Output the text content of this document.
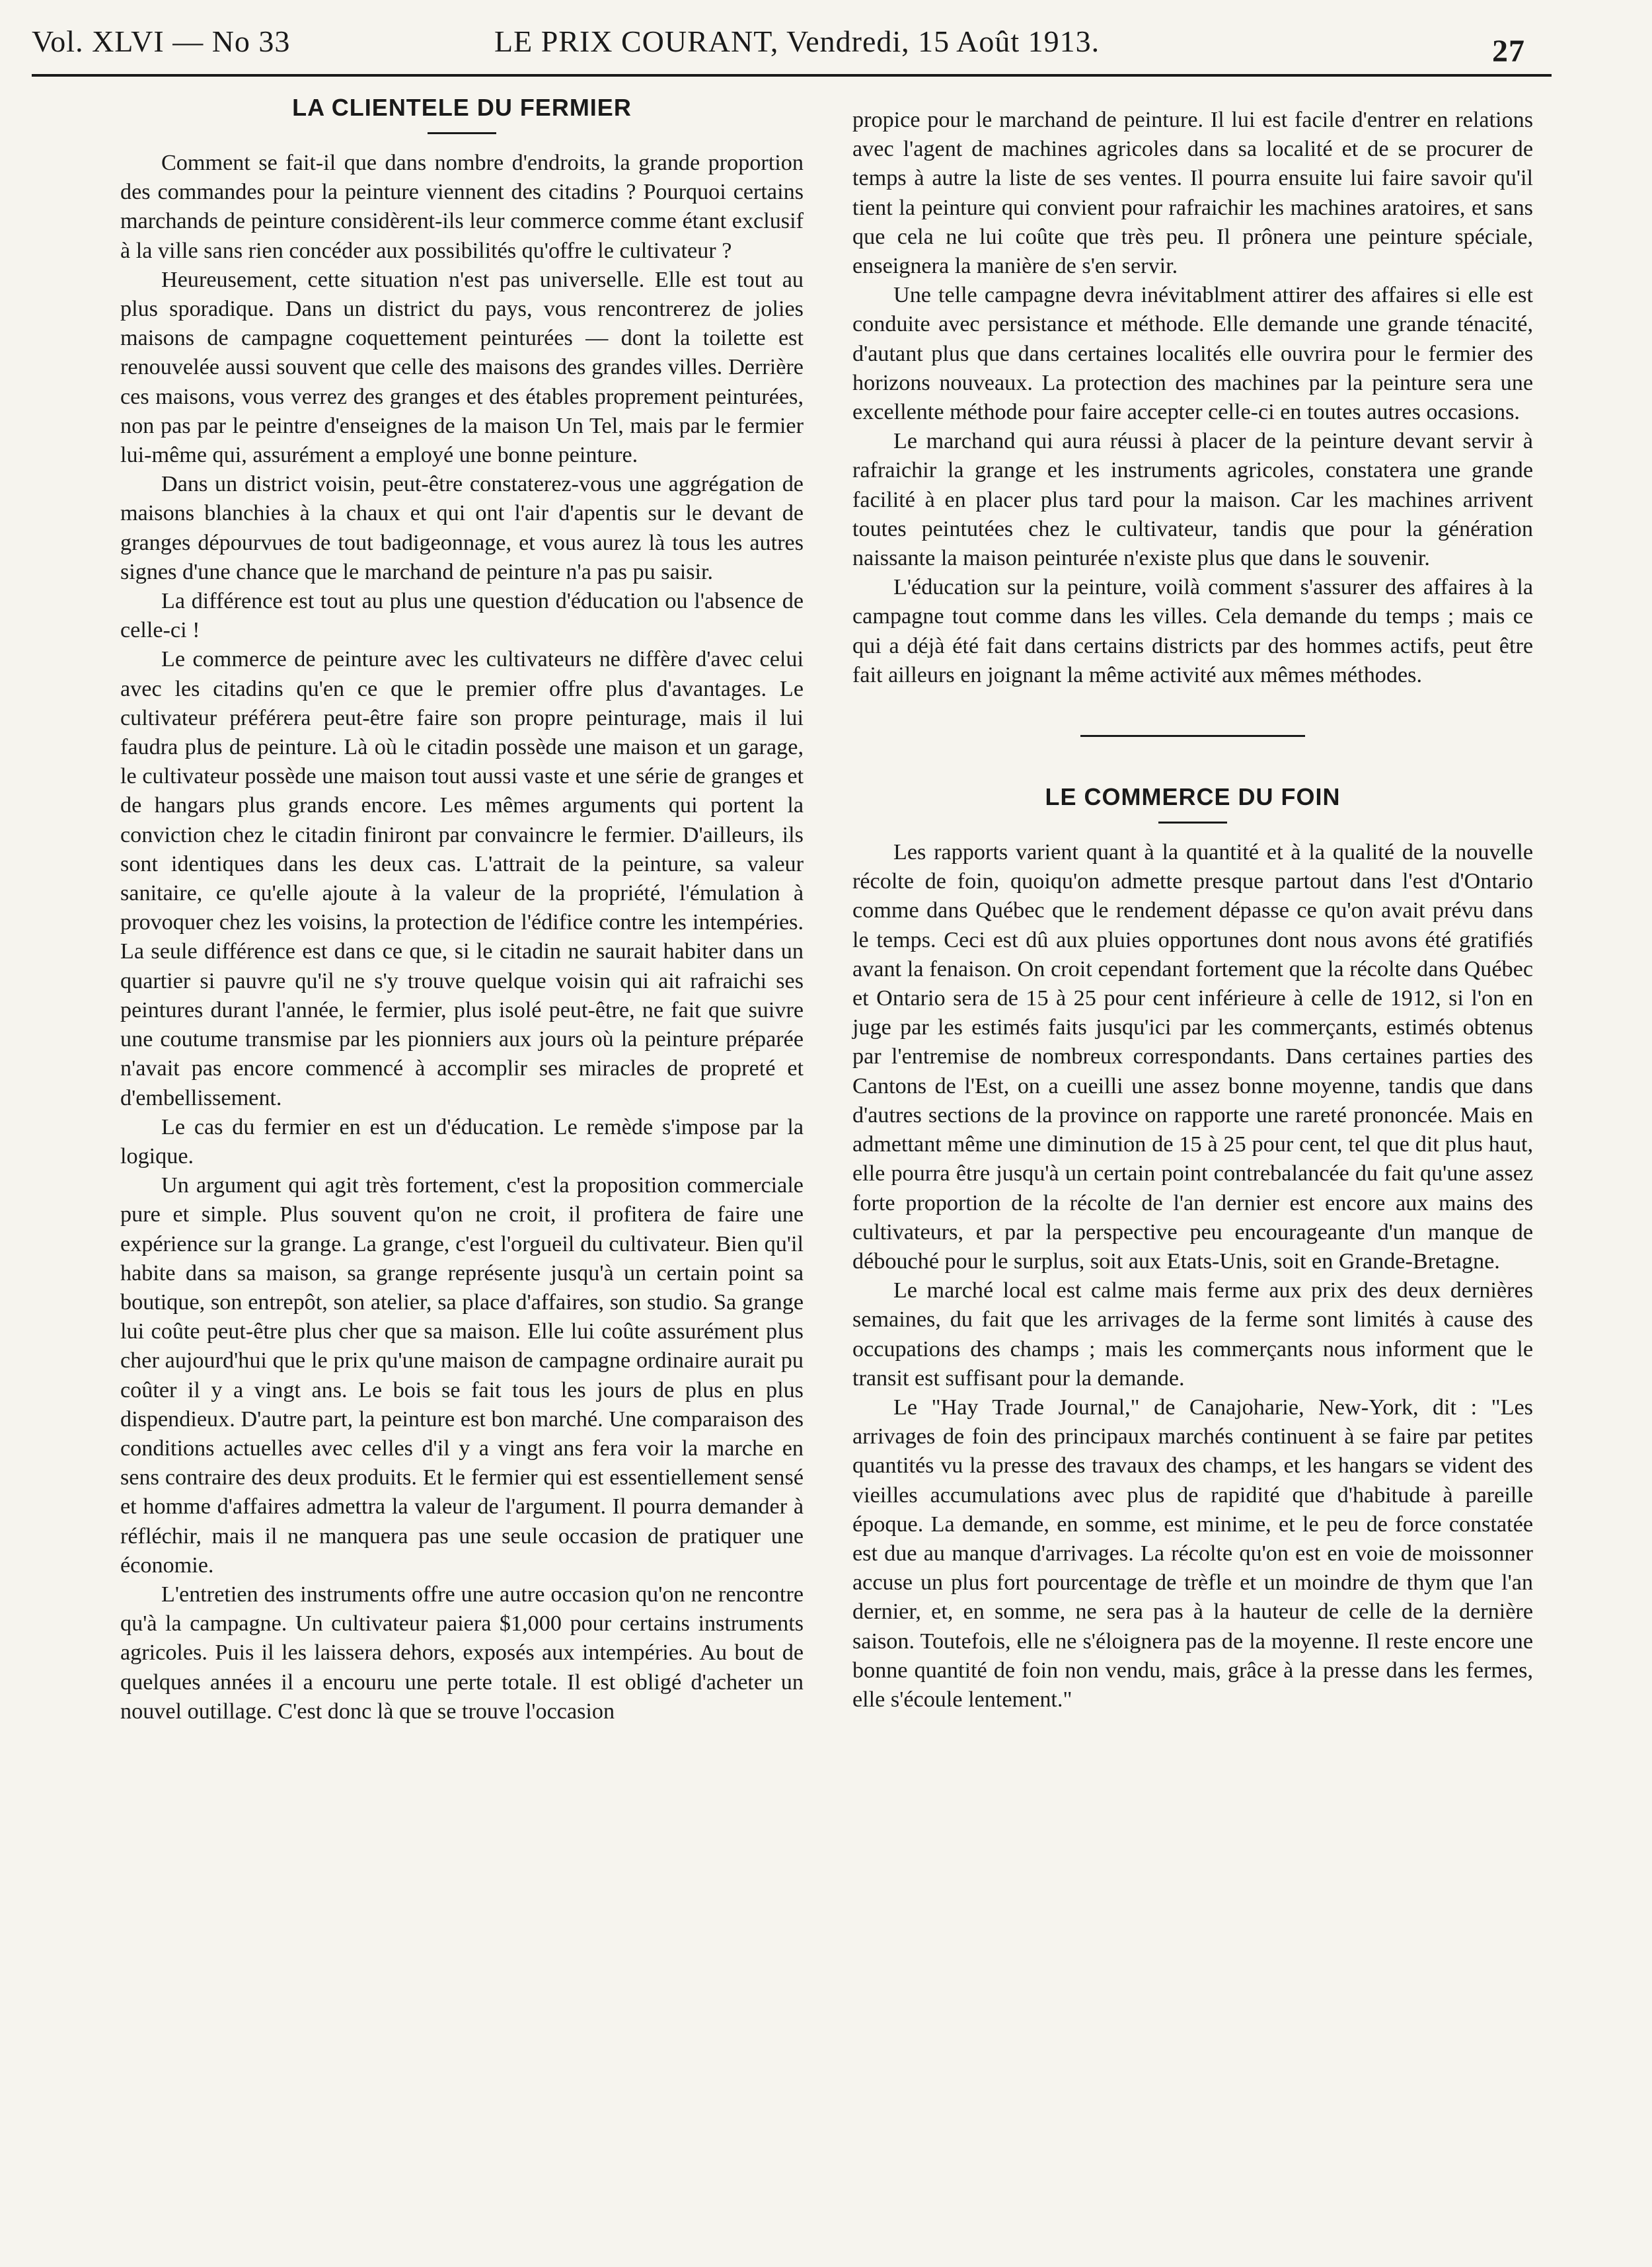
Vol. XLVI — No 33	LE PRIX COURANT, Vendredi, 15 Août 1913.	27
LA CLIENTELE DU FERMIER

Comment se fait-il que dans nombre d'endroits, la grande proportion des commandes pour la peinture viennent des citadins ? Pourquoi certains marchands de peinture considèrent-ils leur commerce comme étant exclusif à la ville sans rien concéder aux possibilités qu'offre le cultivateur ?

Heureusement, cette situation n'est pas universelle. Elle est tout au plus sporadique. Dans un district du pays, vous rencontrerez de jolies maisons de campagne coquettement peinturées — dont la toilette est renouvelée aussi souvent que celle des maisons des grandes villes. Derrière ces maisons, vous verrez des granges et des étables proprement peinturées, non pas par le peintre d'enseignes de la maison Un Tel, mais par le fermier lui-même qui, assurément a employé une bonne peinture.

Dans un district voisin, peut-être constaterez-vous une aggrégation de maisons blanchies à la chaux et qui ont l'air d'apentis sur le devant de granges dépourvues de tout badigeonnage, et vous aurez là tous les autres signes d'une chance que le marchand de peinture n'a pas pu saisir.

La différence est tout au plus une question d'éducation ou l'absence de celle-ci !

Le commerce de peinture avec les cultivateurs ne diffère d'avec celui avec les citadins qu'en ce que le premier offre plus d'avantages. Le cultivateur préférera peut-être faire son propre peinturage, mais il lui faudra plus de peinture. Là où le citadin possède une maison et un garage, le cultivateur possède une maison tout aussi vaste et une série de granges et de hangars plus grands encore. Les mêmes arguments qui portent la conviction chez le citadin finiront par convaincre le fermier. D'ailleurs, ils sont identiques dans les deux cas. L'attrait de la peinture, sa valeur sanitaire, ce qu'elle ajoute à la valeur de la propriété, l'émulation à provoquer chez les voisins, la protection de l'édifice contre les intempéries. La seule différence est dans ce que, si le citadin ne saurait habiter dans un quartier si pauvre qu'il ne s'y trouve quelque voisin qui ait rafraichi ses peintures durant l'année, le fermier, plus isolé peut-être, ne fait que suivre une coutume transmise par les pionniers aux jours où la peinture préparée n'avait pas encore commencé à accomplir ses miracles de propreté et d'embellissement.

Le cas du fermier en est un d'éducation. Le remède s'impose par la logique.

Un argument qui agit très fortement, c'est la proposition commerciale pure et simple. Plus souvent qu'on ne croit, il profitera de faire une expérience sur la grange. La grange, c'est l'orgueil du cultivateur. Bien qu'il habite dans sa maison, sa grange représente jusqu'à un certain point sa boutique, son entrepôt, son atelier, sa place d'affaires, son studio. Sa grange lui coûte peut-être plus cher que sa maison. Elle lui coûte assurément plus cher aujourd'hui que le prix qu'une maison de campagne ordinaire aurait pu coûter il y a vingt ans. Le bois se fait tous les jours de plus en plus dispendieux. D'autre part, la peinture est bon marché. Une comparaison des conditions actuelles avec celles d'il y a vingt ans fera voir la marche en sens contraire des deux produits. Et le fermier qui est essentiellement sensé et homme d'affaires admettra la valeur de l'argument. Il pourra demander à réfléchir, mais il ne manquera pas une seule occasion de pratiquer une économie.

L'entretien des instruments offre une autre occasion qu'on ne rencontre qu'à la campagne. Un cultivateur paiera $1,000 pour certains instruments agricoles. Puis il les laissera dehors, exposés aux intempéries. Au bout de quelques années il a encouru une perte totale. Il est obligé d'acheter un nouvel outillage. C'est donc là que se trouve l'occasion

propice pour le marchand de peinture. Il lui est facile d'entrer en relations avec l'agent de machines agricoles dans sa localité et de se procurer de temps à autre la liste de ses ventes. Il pourra ensuite lui faire savoir qu'il tient la peinture qui convient pour rafraichir les machines aratoires, et sans que cela ne lui coûte que très peu. Il prônera une peinture spéciale, enseignera la manière de s'en servir.

Une telle campagne devra inévitablment attirer des affaires si elle est conduite avec persistance et méthode. Elle demande une grande ténacité, d'autant plus que dans certaines localités elle ouvrira pour le fermier des horizons nouveaux. La protection des machines par la peinture sera une excellente méthode pour faire accepter celle-ci en toutes autres occasions.

Le marchand qui aura réussi à placer de la peinture devant servir à rafraichir la grange et les instruments agricoles, constatera une grande facilité à en placer plus tard pour la maison. Car les machines arrivent toutes peintutées chez le cultivateur, tandis que pour la génération naissante la maison peinturée n'existe plus que dans le souvenir.

L'éducation sur la peinture, voilà comment s'assurer des affaires à la campagne tout comme dans les villes. Cela demande du temps ; mais ce qui a déjà été fait dans certains districts par des hommes actifs, peut être fait ailleurs en joignant la même activité aux mêmes méthodes.

LE COMMERCE DU FOIN

Les rapports varient quant à la quantité et à la qualité de la nouvelle récolte de foin, quoiqu'on admette presque partout dans l'est d'Ontario comme dans Québec que le rendement dépasse ce qu'on avait prévu dans le temps. Ceci est dû aux pluies opportunes dont nous avons été gratifiés avant la fenaison. On croit cependant fortement que la récolte dans Québec et Ontario sera de 15 à 25 pour cent inférieure à celle de 1912, si l'on en juge par les estimés faits jusqu'ici par les commerçants, estimés obtenus par l'entremise de nombreux correspondants. Dans certaines parties des Cantons de l'Est, on a cueilli une assez bonne moyenne, tandis que dans d'autres sections de la province on rapporte une rareté prononcée. Mais en admettant même une diminution de 15 à 25 pour cent, tel que dit plus haut, elle pourra être jusqu'à un certain point contrebalancée du fait qu'une assez forte proportion de la récolte de l'an dernier est encore aux mains des cultivateurs, et par la perspective peu encourageante d'un manque de débouché pour le surplus, soit aux Etats-Unis, soit en Grande-Bretagne.

Le marché local est calme mais ferme aux prix des deux dernières semaines, du fait que les arrivages de la ferme sont limités à cause des occupations des champs ; mais les commerçants nous informent que le transit est suffisant pour la demande.

Le "Hay Trade Journal," de Canajoharie, New-York, dit : "Les arrivages de foin des principaux marchés continuent à se faire par petites quantités vu la presse des travaux des champs, et les hangars se vident des vieilles accumulations avec plus de rapidité que d'habitude à pareille époque. La demande, en somme, est minime, et le peu de force constatée est due au manque d'arrivages. La récolte qu'on est en voie de moissonner accuse un plus fort pourcentage de trèfle et un moindre de thym que l'an dernier, et, en somme, ne sera pas à la hauteur de celle de la dernière saison. Toutefois, elle ne s'éloignera pas de la moyenne. Il reste encore une bonne quantité de foin non vendu, mais, grâce à la presse dans les fermes, elle s'écoule lentement."
